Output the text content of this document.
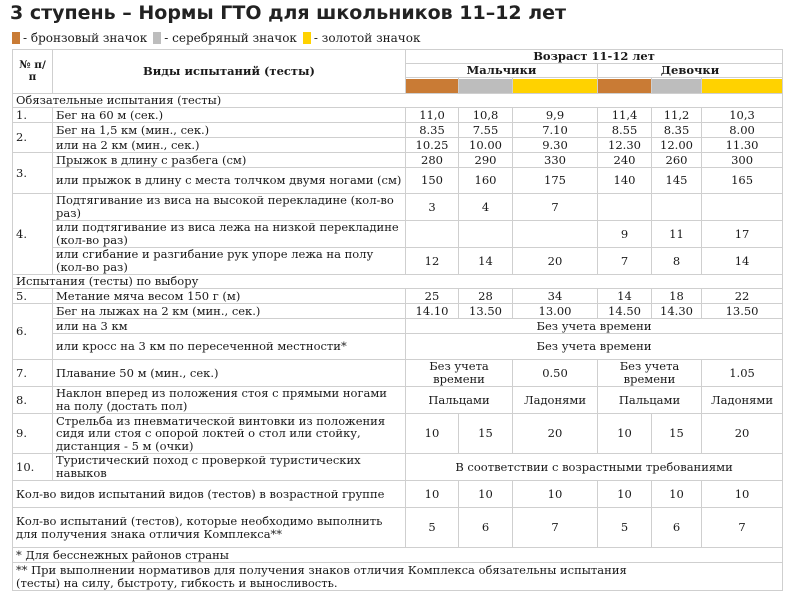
3 ступень – Нормы ГТО для школьников 11–12 лет
- бронзовый значок - серебряный значок - золотой значок
№ п/п	Виды испытаний (тесты)	Возраст 11-12 лет					
		Мальчики			Девочки		

Обязательные испытания (тесты)							
1.	Бег на 60 м (сек.)	11,0	10,8	9,9	11,4	11,2	10,3
2.	Бег на 1,5 км (мин., сек.)	8.35	7.55	7.10	8.55	8.35	8.00
	или на 2 км (мин., сек.)	10.25	10.00	9.30	12.30	12.00	11.30
3.	Прыжок в длину с разбега (см)	280	290	330	240	260	300
	или прыжок в длину с места толчком двумя ногами (см)	150	160	175	140	145	165
4.	Подтягивание из виса на высокой перекладине (кол-во раз)	3	4	7			
	или подтягивание из виса лежа на низкой перекладине (кол-во раз)				9	11	17
	или сгибание и разгибание рук упоре лежа на полу (кол-во раз)	12	14	20	7	8	14
Испытания (тесты) по выбору							
5.	Метание мяча весом 150 г (м)	25	28	34	14	18	22
6.	Бег на лыжах на 2 км (мин., сек.)	14.10	13.50	13.00	14.50	14.30	13.50
	или на 3 км	Без учета времени					
	или кросс на 3 км по пересеченной местности*	Без учета времени					
7.	Плавание 50 м (мин., сек.)	Без учета времени		0.50	Без учета времени		1.05
8.	Наклон вперед из положения стоя с прямыми ногами на полу (достать пол)	Пальцами		Ладонями	Пальцами		Ладонями
9.	Стрельба из пневматической винтовки из положения сидя или стоя с опорой локтей о стол или стойку, дистанция - 5 м (очки)	10	15	20	10	15	20
10.	Туристический поход с проверкой туристических навыков	В соответствии с возрастными требованиями					
Кол-во видов испытаний видов (тестов) в возрастной группе		10	10	10	10	10	10
Кол-во испытаний (тестов), которые необходимо выполнить для получения знака отличия Комплекса**		5	6	7	5	6	7
* Для бесснежных районов страны							

** При выполнении нормативов для получения знаков отличия Комплекса обязательны испытания
(тесты) на силу, быстроту, гибкость и выносливость.							
